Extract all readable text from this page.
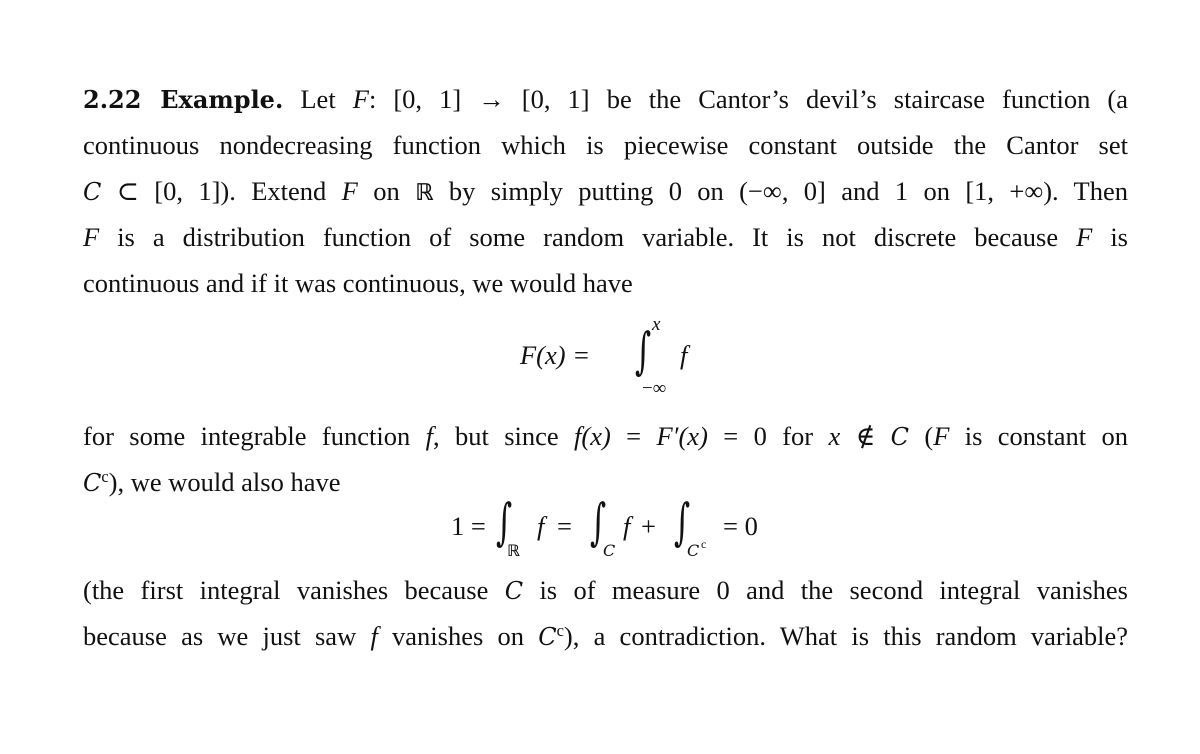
2.22 Example. Let F: [0, 1] → [0, 1] be the Cantor’s devil’s staircase function (a
continuous nondecreasing function which is piecewise constant outside the Cantor set
C ⊂ [0, 1]). Extend F on ℝ by simply putting 0 on (−∞, 0] and 1 on [1, +∞). Then
F is a distribution function of some random variable. It is not discrete because F is
continuous and if it was continuous, we would have
F(x) = ∫ x
−∞
f
for some integrable function f, but since f(x) = F′(x) = 0 for x ∉ C (F is constant on
$C^c$), we would also have
1 = ∫
ℝ
f = ∫
C
f + ∫
C c
= 0
(the first integral vanishes because C is of measure 0 and the second integral vanishes
because as we just saw f vanishes on $C^c$), a contradiction. What is this random variable?
